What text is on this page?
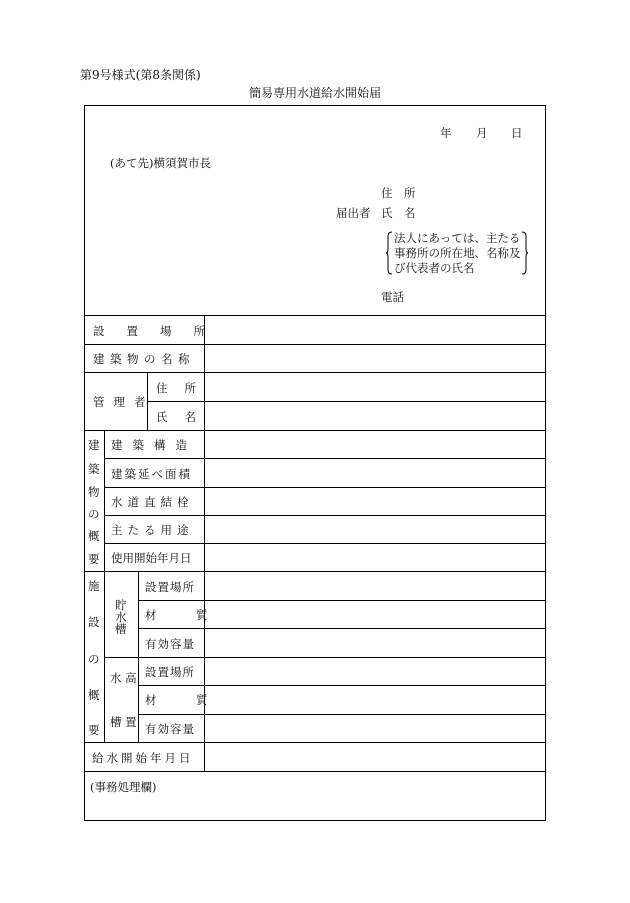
第9号様式(第8条関係)
簡易専用水道給水開始届
年 月 日
(あて先)横須賀市長
住　所
届出者 氏　名
法人にあっては、主たる
事務所の所在地、名称及
び代表者の氏名
電話
設置場所
建築物の名称
管理者
住所
氏名
建
築
物
の
概
要
建築構造
建築延べ面積
水道直結栓
主たる用途
使用開始年月日
施
設
の
概
要
貯
水
槽
水 高
槽 置
設置場所
材　質
有効容量
設置場所
材　質
有効容量
給水開始年月日
(事務処理欄)
